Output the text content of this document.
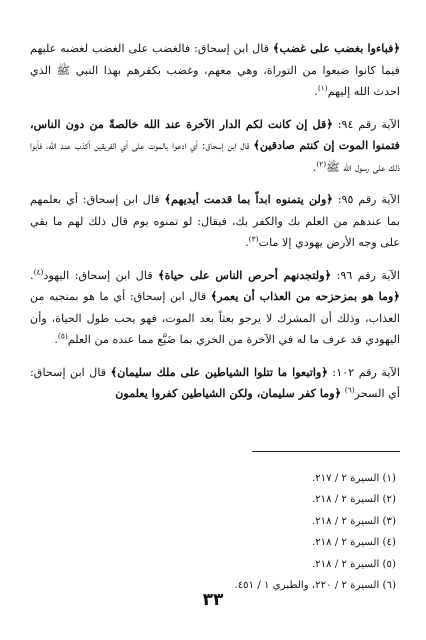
﴿فباءوا بغضب على غضب﴾ قال ابن إسحاق: فالغضب على الغضب لغضبه عليهم فيما كانوا ضيعوا من التوراة، وهي معهم، وغضب بكفرهم بهذا النبي ﷺ الذي احدث الله إليهم$^{(١)}$.

الآية رقم ٩٤: ﴿قل إن كانت لكم الدار الآخرة عند الله خالصةً من دون الناس، فتمنوا الموت إن كنتم صادقين﴾ قال ابن إسحاق: أي ادعوا بالموت على أي الفريقين أكذب عند الله، فأبوا ذلك على رسول الله ﷺ$^{(٢)}$.

الآية رقم ٩٥: ﴿ولن يتمنوه ابداً بما قدمت أيديهم﴾ قال ابن إسحاق: أي بعلمهم بما عندهم من العلم بك والكفر بك، فيقال: لو تمنوه يوم قال ذلك لهم ما بقي على وجه الأرض يهودي إلا مات$^{(٣)}$.

الآية رقم ٩٦: ﴿ولتجدنهم أحرص الناس على حياة﴾ قال ابن إسحاق: اليهود$^{(٤)}$. ﴿وما هو بمزحزحه من العذاب أن يعمر﴾ قال ابن إسحاق: أي ما هو بمنجيه من العذاب، وذلك أن المشرك لا يرجو بعثاً بعد الموت، فهو يحب طول الحياة، وأن اليهودي قد عرف ما له في الآخرة من الخزي بما ضَيَّع مما عنده من العلم$^{(٥)}$.

الآية رقم ١٠٢: ﴿واتبعوا ما تتلوا الشياطين على ملك سليمان﴾ قال ابن إسحاق: أي السحر$^{(٦)}$ ﴿وما كفر سليمان، ولكن الشياطين كفروا يعلمون

(١) السيرة ٢ / ٢١٧.
(٢) السيرة ٢ / ٢١٨.
(٣) السيرة ٢ / ٢١٨.
(٤) السيرة ٢ / ٢١٨.
(٥) السيرة ٢ / ٢١٨.
(٦) السيرة ٢ / ٢٢٠، والطبري ١ / ٤٥١.
٣٣
